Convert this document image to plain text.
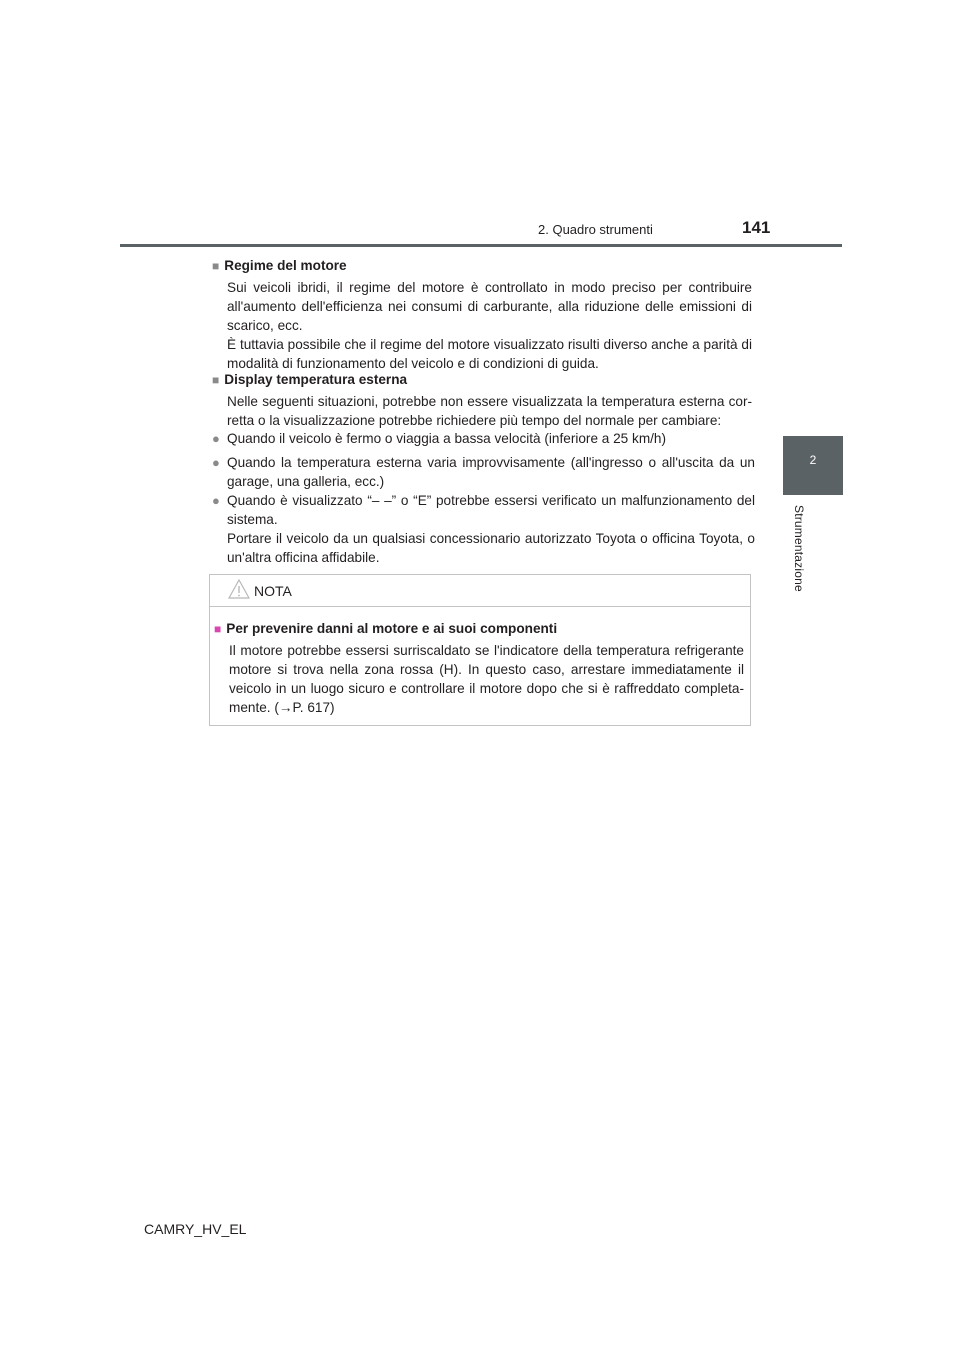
2. Quadro strumenti	141
2
Strumentazione
■ Regime del motore
Sui veicoli ibridi, il regime del motore è controllato in modo preciso per contribuire all'aumento dell'efficienza nei consumi di carburante, alla riduzione delle emissioni di scarico, ecc.
È tuttavia possibile che il regime del motore visualizzato risulti diverso anche a parità di modalità di funzionamento del veicolo e di condizioni di guida.
■ Display temperatura esterna
Nelle seguenti situazioni, potrebbe non essere visualizzata la temperatura esterna cor-retta o la visualizzazione potrebbe richiedere più tempo del normale per cambiare:
● Quando il veicolo è fermo o viaggia a bassa velocità (inferiore a 25 km/h)
● Quando la temperatura esterna varia improvvisamente (all'ingresso o all'uscita da un garage, una galleria, ecc.)
● Quando è visualizzato “– –” o “E” potrebbe essersi verificato un malfunzionamento del sistema.
Portare il veicolo da un qualsiasi concessionario autorizzato Toyota o officina Toyota, o un'altra officina affidabile.
NOTA
■ Per prevenire danni al motore e ai suoi componenti
Il motore potrebbe essersi surriscaldato se l'indicatore della temperatura refrigerante motore si trova nella zona rossa (H). In questo caso, arrestare immediatamente il veicolo in un luogo sicuro e controllare il motore dopo che si è raffreddato completa-mente. (→P. 617)
CAMRY_HV_EL
